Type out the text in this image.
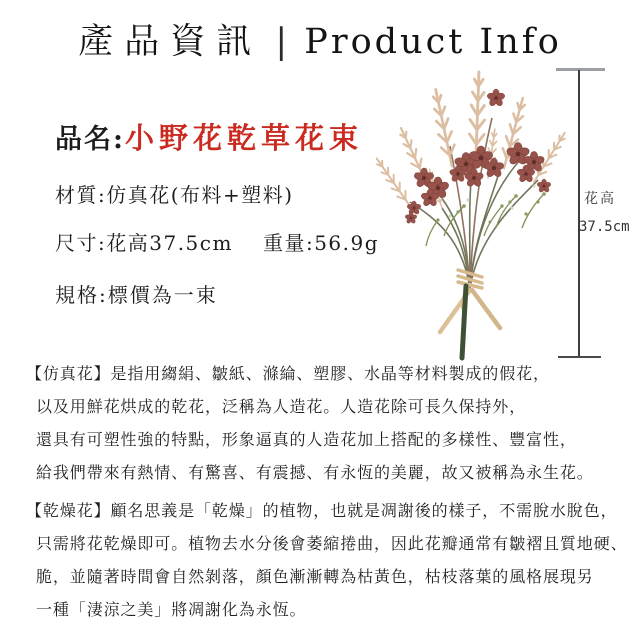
產品資訊 | Product Info
品名:小野花乾草花束
材質:仿真花(布料+塑料)
尺寸:花高37.5cm 重量:56.9g
規格:標價為一束
花高
37.5cm
【仿真花】是指用縐絹、皺紙、滌綸、塑膠、水晶等材料製成的假花，
以及用鮮花烘成的乾花，泛稱為人造花。人造花除可長久保持外，
還具有可塑性強的特點，形象逼真的人造花加上搭配的多樣性、豐富性，
給我們帶來有熱情、有驚喜、有震撼、有永恆的美麗，故又被稱為永生花。
【乾燥花】顧名思義是「乾燥」的植物，也就是凋謝後的樣子，不需脫水脫色，
只需將花乾燥即可。植物去水分後會萎縮捲曲，因此花瓣通常有皺褶且質地硬、
脆，並隨著時間會自然剝落，顏色漸漸轉為枯黃色，枯枝落葉的風格展現另
一種「淒涼之美」將凋謝化為永恆。
